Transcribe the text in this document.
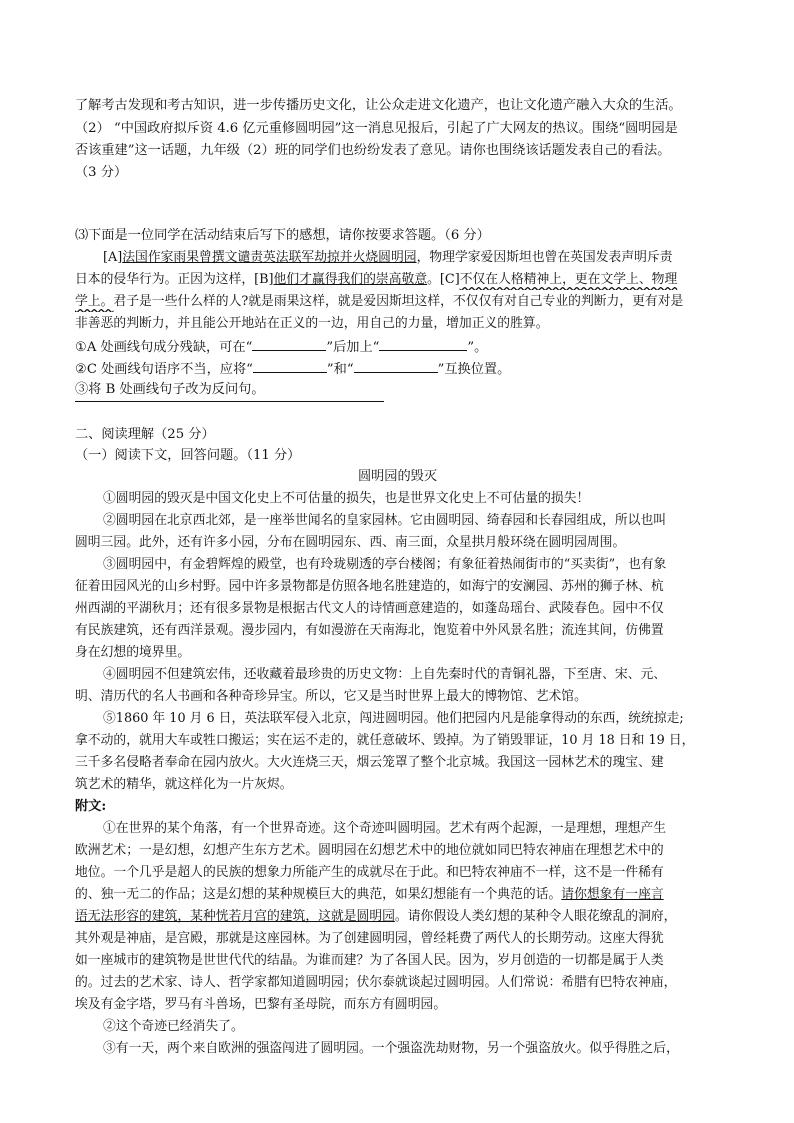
了解考古发现和考古知识，进一步传播历史文化，让公众走进文化遗产，也让文化遗产融入大众的生活。
（2） “中国政府拟斥资 4.6 亿元重修圆明园”这一消息见报后，引起了广大网友的热议。围绕“圆明园是
否该重建”这一话题，九年级（2）班的同学们也纷纷发表了意见。请你也围绕该话题发表自己的看法。
（3 分）
⑶下面是一位同学在活动结束后写下的感想，请你按要求答题。（6 分）
[A]法国作家雨果曾撰文谴责英法联军劫掠并火烧圆明园，物理学家爱因斯坦也曾在英国发表声明斥责
日本的侵华行为。正因为这样，[B]他们才赢得我们的崇高敬意。[C]不仅在人格精神上，更在文学上、物理
学上。君子是一些什么样的人?就是雨果这样，就是爱因斯坦这样，不仅仅有对自己专业的判断力，更有对是
非善恶的判断力，并且能公开地站在正义的一边，用自己的力量，增加正义的胜算。
①A 处画线句成分残缺，可在“	”后加上“	”。
②C 处画线句语序不当，应将“	”和“	”互换位置。
③将 B 处画线句子改为反问句。
二、阅读理解（25 分）
（一）阅读下文，回答问题。（11 分）
圆明园的毁灭
①圆明园的毁灭是中国文化史上不可估量的损失，也是世界文化史上不可估量的损失！
②圆明园在北京西北郊，是一座举世闻名的皇家园林。它由圆明园、绮春园和长春园组成，所以也叫
圆明三园。此外，还有许多小园，分布在圆明园东、西、南三面，众星拱月般环绕在圆明园周围。
③圆明园中，有金碧辉煌的殿堂，也有玲珑剔透的亭台楼阁；有象征着热闹街市的“买卖街”，也有象
征着田园风光的山乡村野。园中许多景物都是仿照各地名胜建造的，如海宁的安澜园、苏州的狮子林、杭
州西湖的平湖秋月；还有很多景物是根据古代文人的诗情画意建造的，如蓬岛瑶台、武陵春色。园中不仅
有民族建筑，还有西洋景观。漫步园内，有如漫游在天南海北，饱览着中外风景名胜；流连其间，仿佛置
身在幻想的境界里。
④圆明园不但建筑宏伟，还收藏着最珍贵的历史文物：上自先秦时代的青铜礼器，下至唐、宋、元、
明、清历代的名人书画和各种奇珍异宝。所以，它又是当时世界上最大的博物馆、艺术馆。
⑤1860 年 10 月 6 日，英法联军侵入北京，闯进圆明园。他们把园内凡是能拿得动的东西，统统掠走;
拿不动的，就用大车或牲口搬运；实在运不走的，就任意破坏、毁掉。为了销毁罪证，10 月 18 日和 19 日，
三千多名侵略者奉命在园内放火。大火连烧三天，烟云笼罩了整个北京城。我国这一园林艺术的瑰宝、建
筑艺术的精华，就这样化为一片灰烬。
附文:
①在世界的某个角落，有一个世界奇迹。这个奇迹叫圆明园。艺术有两个起源，一是理想，理想产生
欧洲艺术；一是幻想，幻想产生东方艺术。圆明园在幻想艺术中的地位就如同巴特农神庙在理想艺术中的
地位。一个几乎是超人的民族的想象力所能产生的成就尽在于此。和巴特农神庙不一样，这不是一件稀有
的、独一无二的作品；这是幻想的某种规模巨大的典范，如果幻想能有一个典范的话。请你想象有一座言
语无法形容的建筑，某种恍若月宫的建筑，这就是圆明园。请你假设人类幻想的某种令人眼花缭乱的洞府，
其外观是神庙，是宫殿，那就是这座园林。为了创建圆明园，曾经耗费了两代人的长期劳动。这座大得犹
如一座城市的建筑物是世世代代的结晶。为谁而建？为了各国人民。因为，岁月创造的一切都是属于人类
的。过去的艺术家、诗人、哲学家都知道圆明园；伏尔泰就谈起过圆明园。人们常说：希腊有巴特农神庙，
埃及有金字塔，罗马有斗兽场，巴黎有圣母院，而东方有圆明园。
②这个奇迹已经消失了。
③有一天，两个来自欧洲的强盗闯进了圆明园。一个强盗洗劫财物，另一个强盗放火。似乎得胜之后，
